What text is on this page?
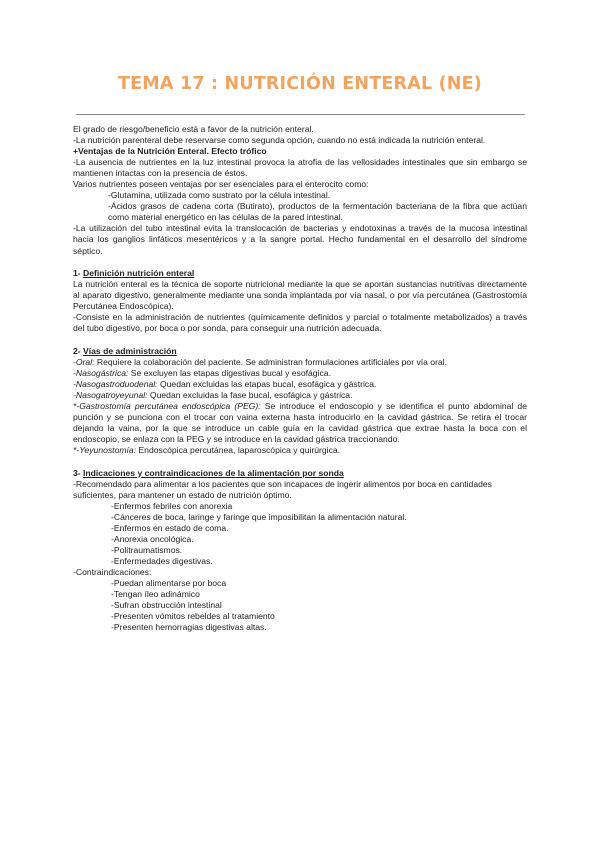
TEMA 17 : NUTRICIÓN ENTERAL (NE)

El grado de riesgo/beneficio está a favor de la nutrición enteral.

-La nutrición parenteral debe reservarse como segunda opción, cuando no está indicada la nutrición enteral.

+Ventajas de la Nutrición Enteral. Efecto trófico

-La ausencia de nutrientes en la luz intestinal provoca la atrofia de las vellosidades intestinales que sin embargo se mantienen intactas con la presencia de éstos.

Varios nutrientes poseen ventajas por ser esenciales para el enterocito como:

-Glutamina, utilizada como sustrato por la célula intestinal.

-Ácidos grasos de cadena corta (Butirato), productos de la fermentación bacteriana de la fibra que actúan como material energético en las células de la pared intestinal.

-La utilización del tubo intestinal evita la translocación de bacterias y endotoxinas a través de la mucosa intestinal hacia los ganglios linfáticos mesentéricos y a la sangre portal. Hecho fundamental en el desarrollo del síndrome séptico.

1- Definición nutrición enteral

La nutrición enteral es la técnica de soporte nutricional mediante la que se aportan sustancias nutritivas directamente al aparato digestivo, generalmente mediante una sonda implantada por vía nasal, o por vía percutánea (Gastrostomía Percutánea Endoscópica).

-Consiste en la administración de nutrientes (químicamente definidos y parcial o totalmente metabolizados) a través del tubo digestivo, por boca o por sonda, para conseguir una nutrición adecuada.

2- Vías de administración

-Oral: Requiere la colaboración del paciente. Se administran formulaciones artificiales por vía oral.

-Nasogástrica: Se excluyen las etapas digestivas bucal y esofágica.

-Nasogastroduodenal: Quedan excluidas las etapas bucal, esofágica y gástrica.

-Nasogatroyeyunal: Quedan excluidas la fase bucal, esofágica y gástrica.

*-Gastrostomía percutánea endoscópica (PEG): Se introduce el endoscopio y se identifica el punto abdominal de punción y se punciona con el trocar con vaina externa hasta introducirlo en la cavidad gástrica. Se retira el trocar dejando la vaina, por la que se introduce un cable guía en la cavidad gástrica que extrae hasta la boca con el endoscopio, se enlaza con la PEG y se introduce en la cavidad gástrica traccionando.

*-Yeyunostomía: Endoscópica percutánea, laparoscópica y quirúrgica.

3- Indicaciones y contraindicaciones de la alimentación por sonda

-Recomendado para alimentar a los pacientes que son incapaces de ingerir alimentos por boca en cantidades suficientes, para mantener un estado de nutrición óptimo.

-Enfermos febriles con anorexia

-Cánceres de boca, laringe y faringe que imposibilitan la alimentación natural.

-Enfermos en estado de coma.

-Anorexia oncológica.

-Politraumatismos.

-Enfermedades digestivas.

-Contraindicaciones:

-Puedan alimentarse por boca

-Tengan íleo adinámico

-Sufran obstrucción intestinal

-Presenten vómitos rebeldes al tratamiento

-Presenten hemorragias digestivas altas.
